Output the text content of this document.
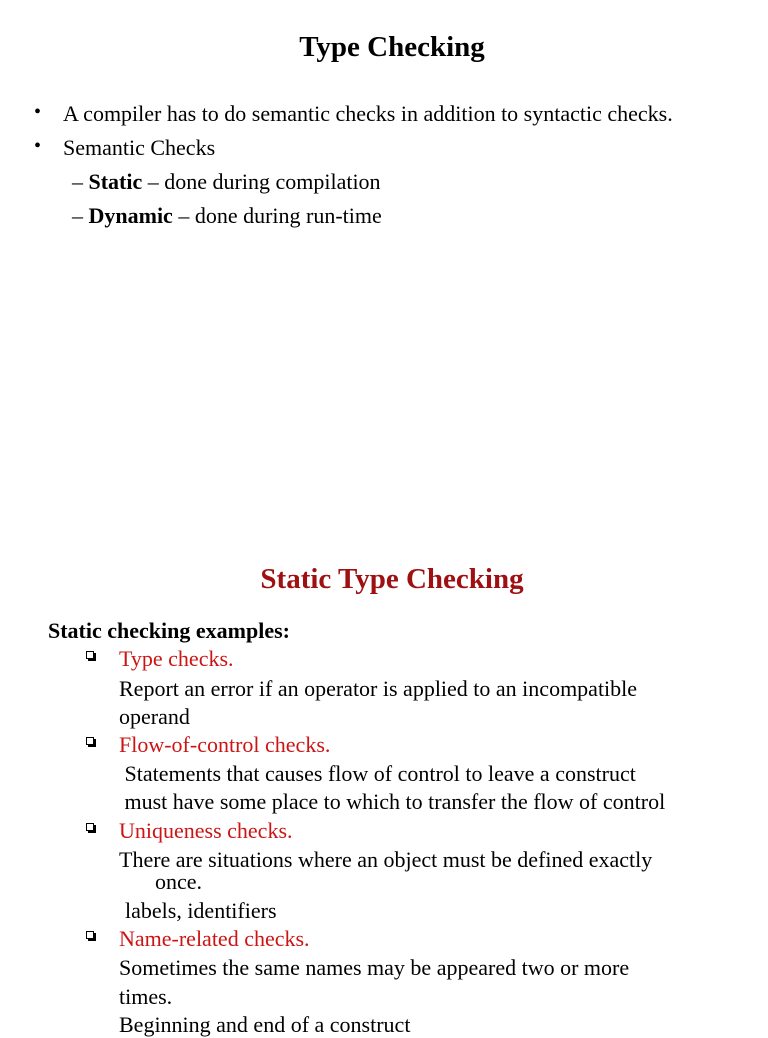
Type Checking
• A compiler has to do semantic checks in addition to syntactic checks.
• Semantic Checks
– Static – done during compilation
– Dynamic – done during run-time
Static Type Checking
Static checking examples:
Type checks.
Report an error if an operator is applied to an incompatible
operand
Flow-of-control checks.
Statements that causes flow of control to leave a construct
must have some place to which to transfer the flow of control
Uniqueness checks.
There are situations where an object must be defined exactly
once.
labels, identifiers
Name-related checks.
Sometimes the same names may be appeared two or more
times.
Beginning and end of a construct
